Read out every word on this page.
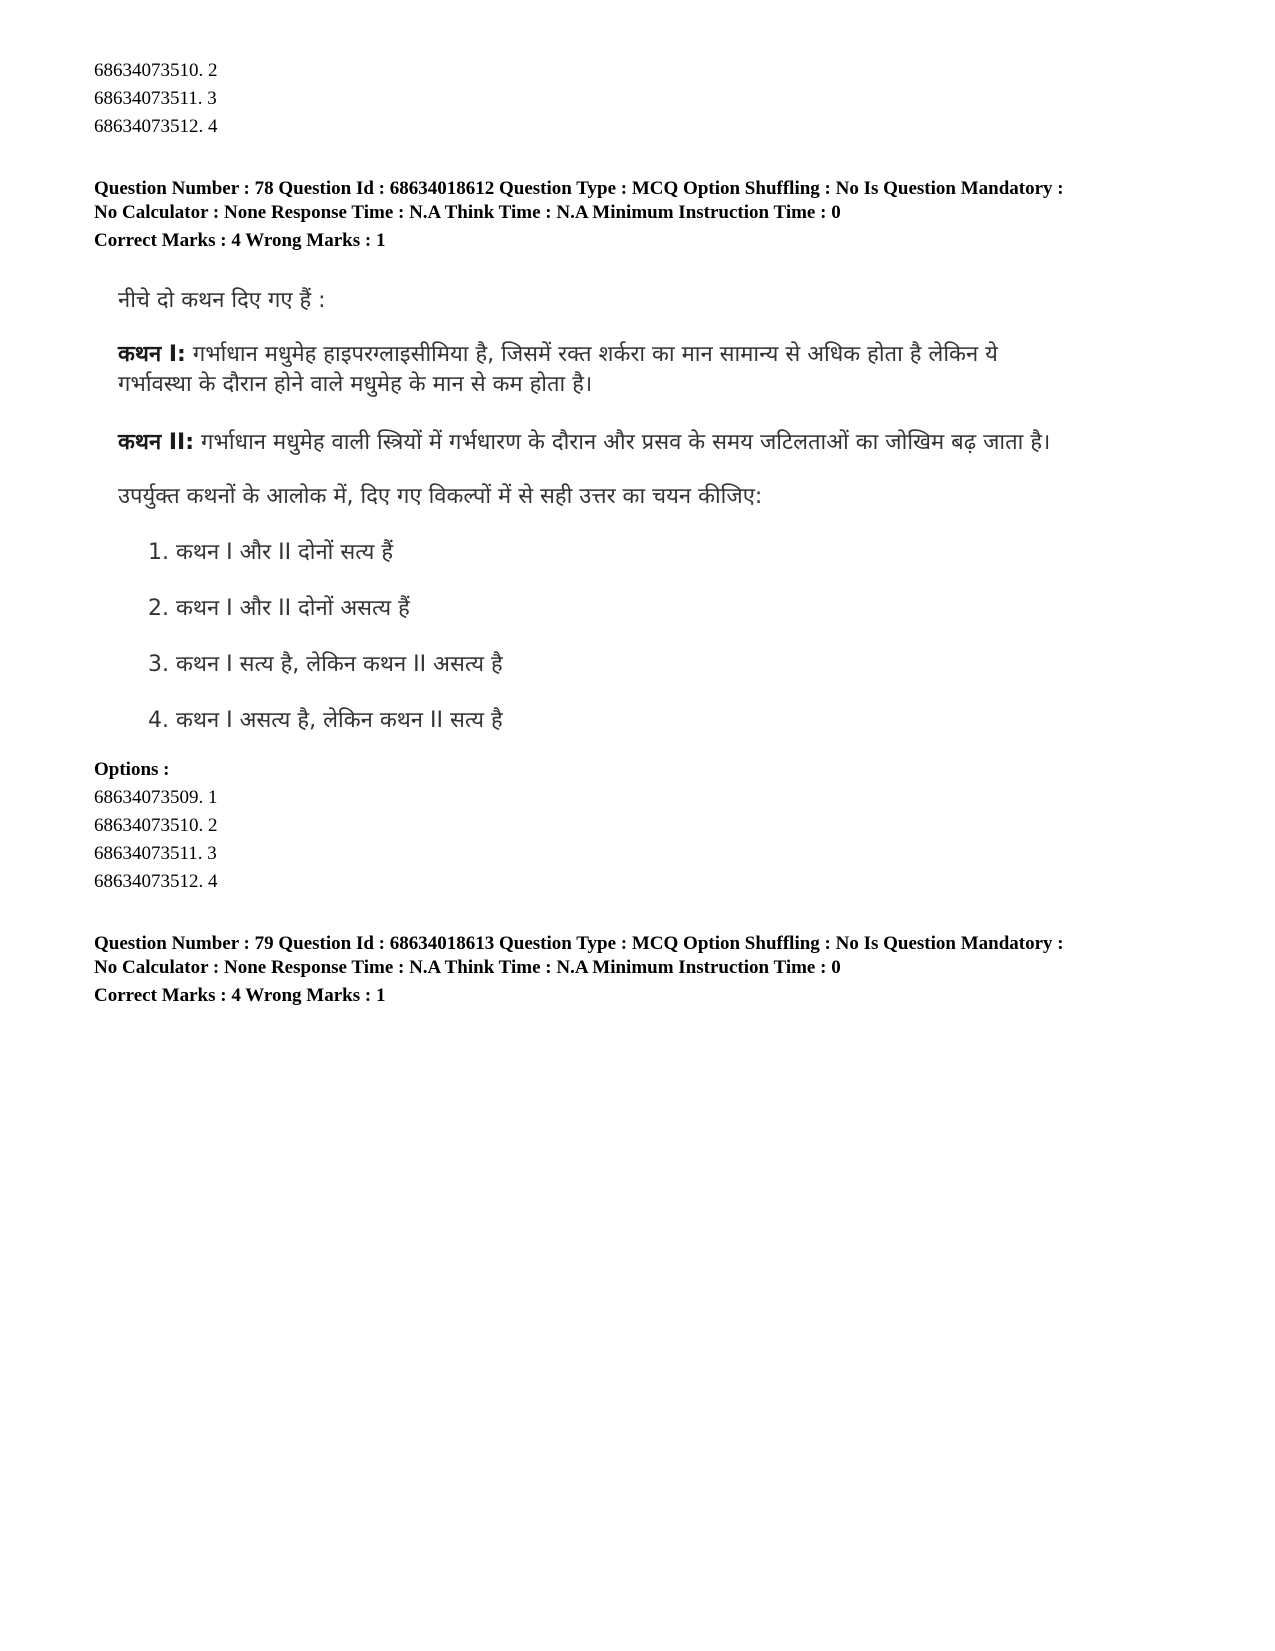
68634073510. 2
68634073511. 3
68634073512. 4
Question Number : 78 Question Id : 68634018612 Question Type : MCQ Option Shuffling : No Is Question Mandatory :
No Calculator : None Response Time : N.A Think Time : N.A Minimum Instruction Time : 0
Correct Marks : 4 Wrong Marks : 1
नीचे दो कथन दिए गए हैं :
कथन I: गर्भाधान मधुमेह हाइपरग्लाइसीमिया है, जिसमें रक्त शर्करा का मान सामान्य से अधिक होता है लेकिन ये
गर्भावस्था के दौरान होने वाले मधुमेह के मान से कम होता है।
कथन II: गर्भाधान मधुमेह वाली स्त्रियों में गर्भधारण के दौरान और प्रसव के समय जटिलताओं का जोखिम बढ़ जाता है।
उपर्युक्त कथनों के आलोक में, दिए गए विकल्पों में से सही उत्तर का चयन कीजिए:
1. कथन I और II दोनों सत्य हैं
2. कथन I और II दोनों असत्य हैं
3. कथन I सत्य है, लेकिन कथन II असत्य है
4. कथन I असत्य है, लेकिन कथन II सत्य है
Options :
68634073509. 1
68634073510. 2
68634073511. 3
68634073512. 4
Question Number : 79 Question Id : 68634018613 Question Type : MCQ Option Shuffling : No Is Question Mandatory :
No Calculator : None Response Time : N.A Think Time : N.A Minimum Instruction Time : 0
Correct Marks : 4 Wrong Marks : 1
